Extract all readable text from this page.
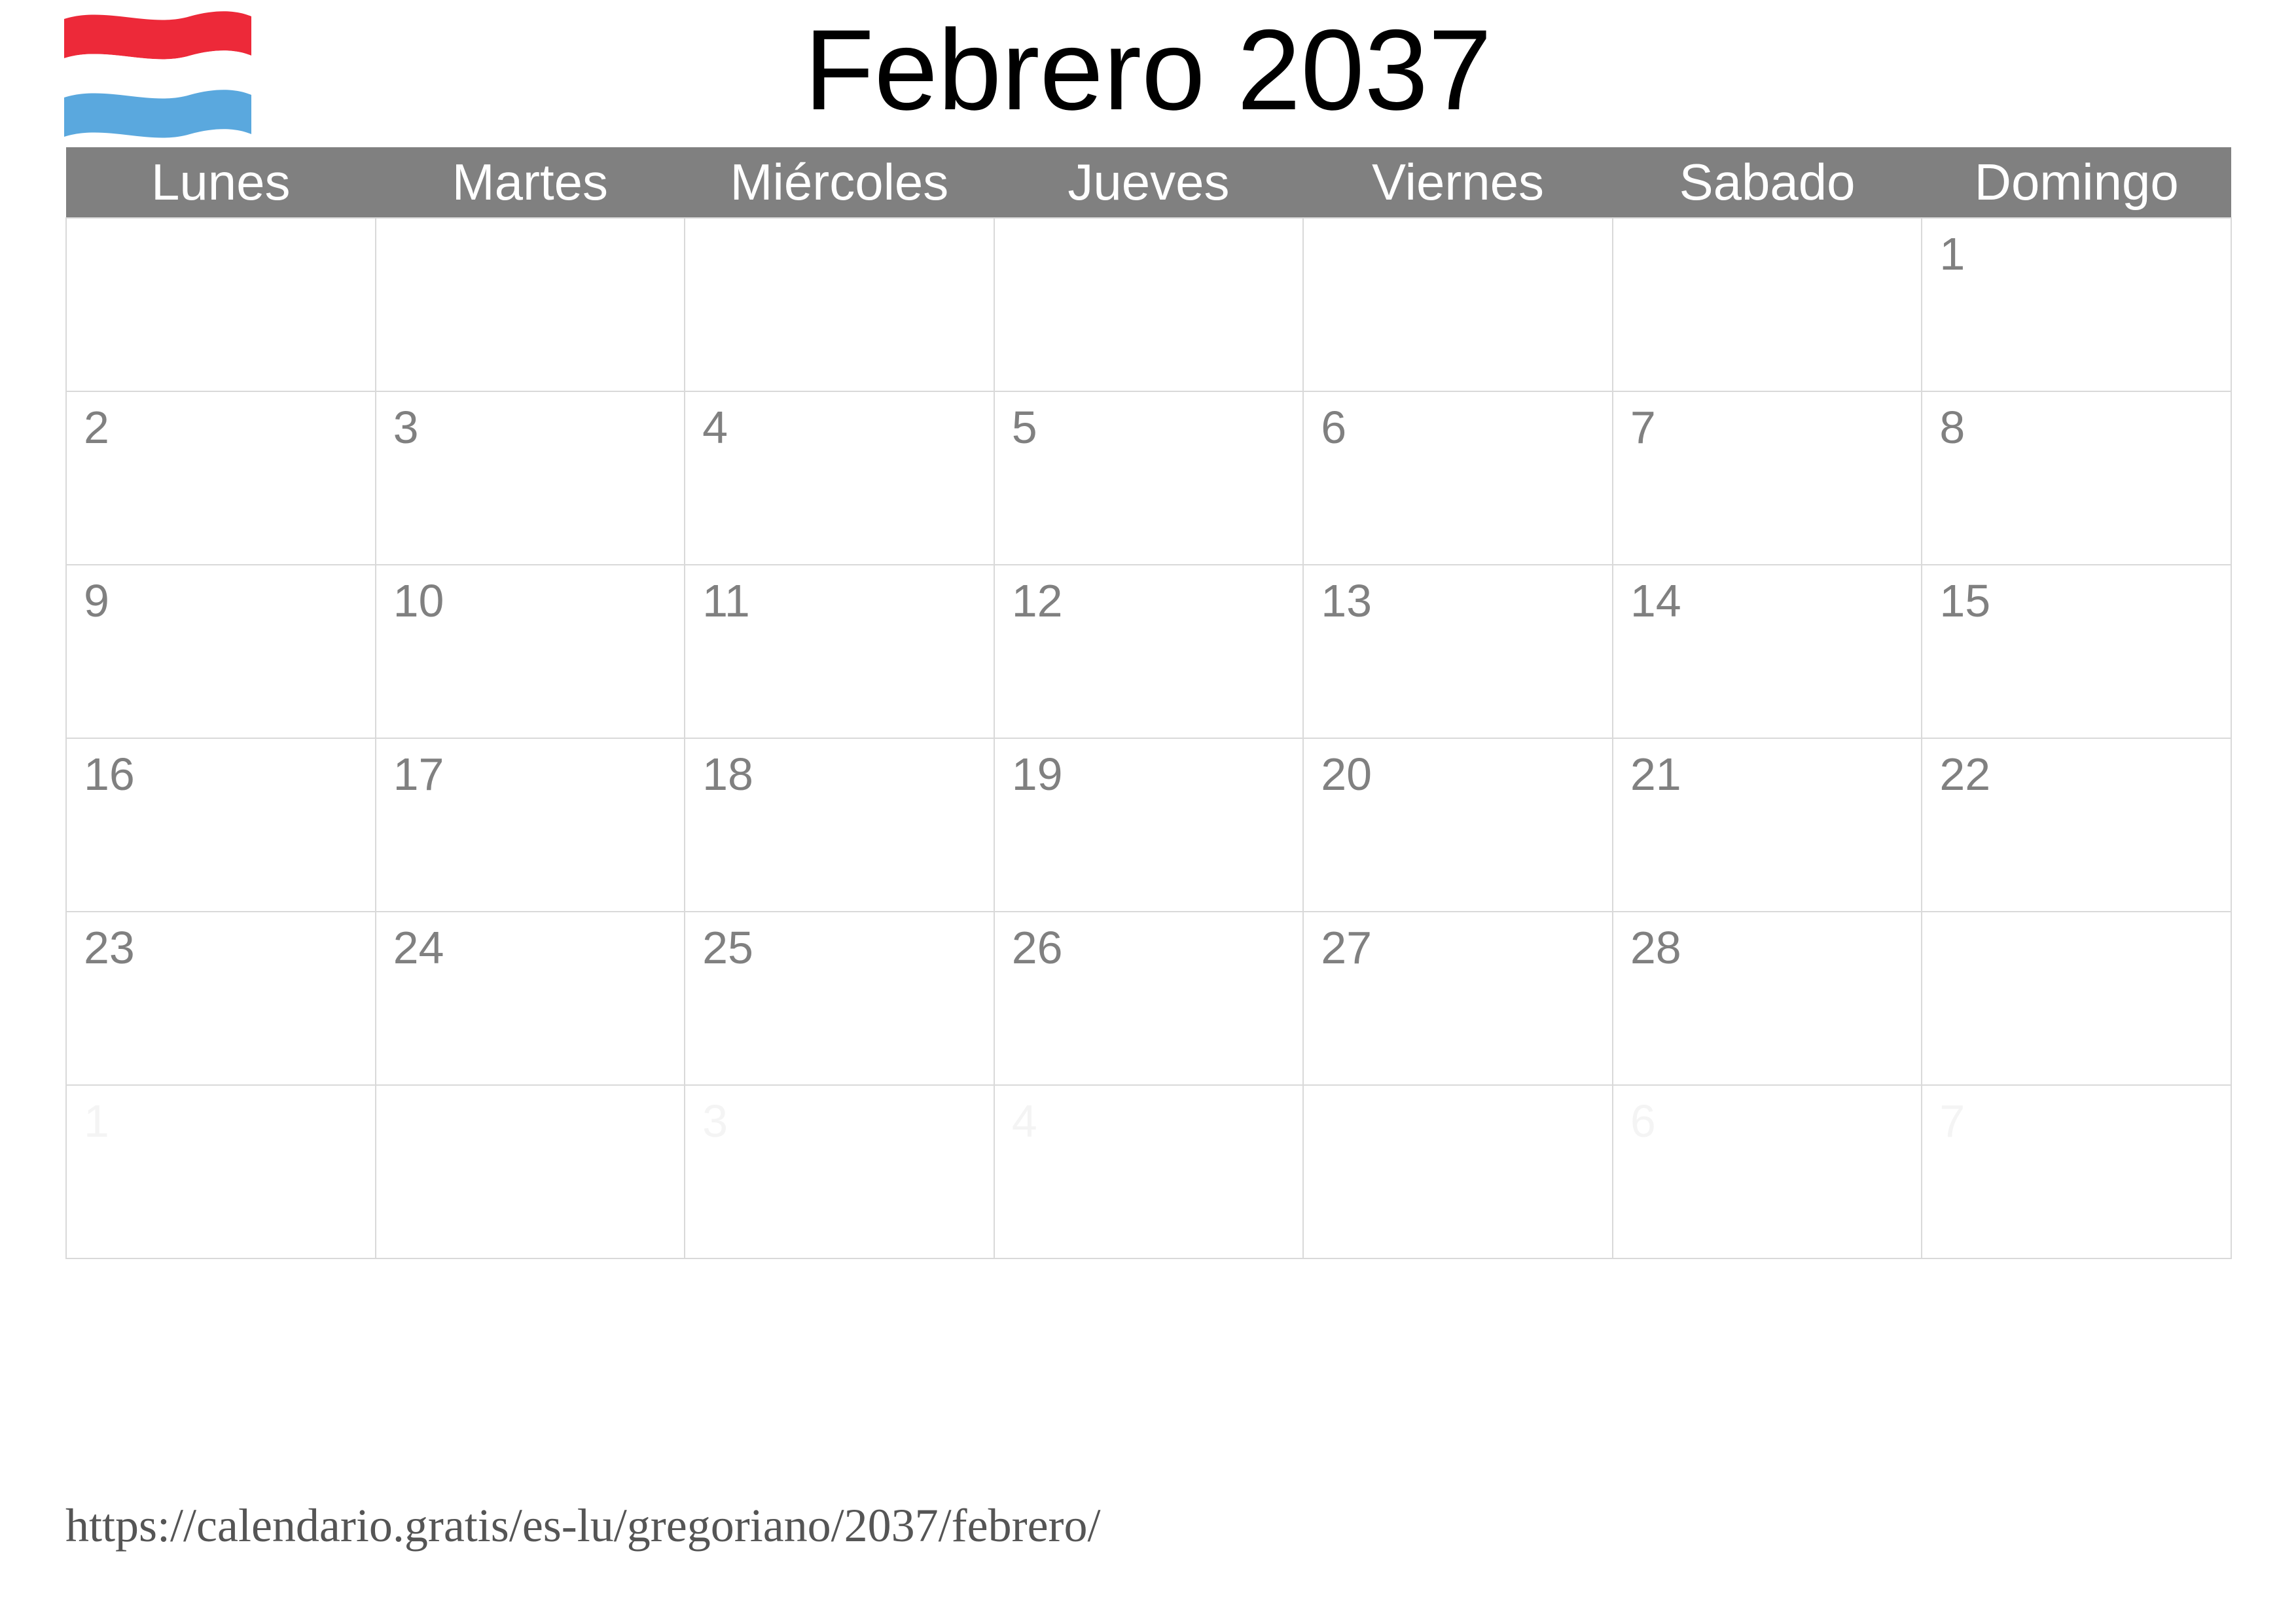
Febrero 2037
Lunes	Martes	Miércoles	Jueves	Viernes	Sabado	Domingo
						1
2	3	4	5	6	7	8
9	10	11	12	13	14	15
16	17	18	19	20	21	22
23	24	25	26	27	28	
1		3	4		6	7
https://calendario.gratis/es-lu/gregoriano/2037/febrero/
